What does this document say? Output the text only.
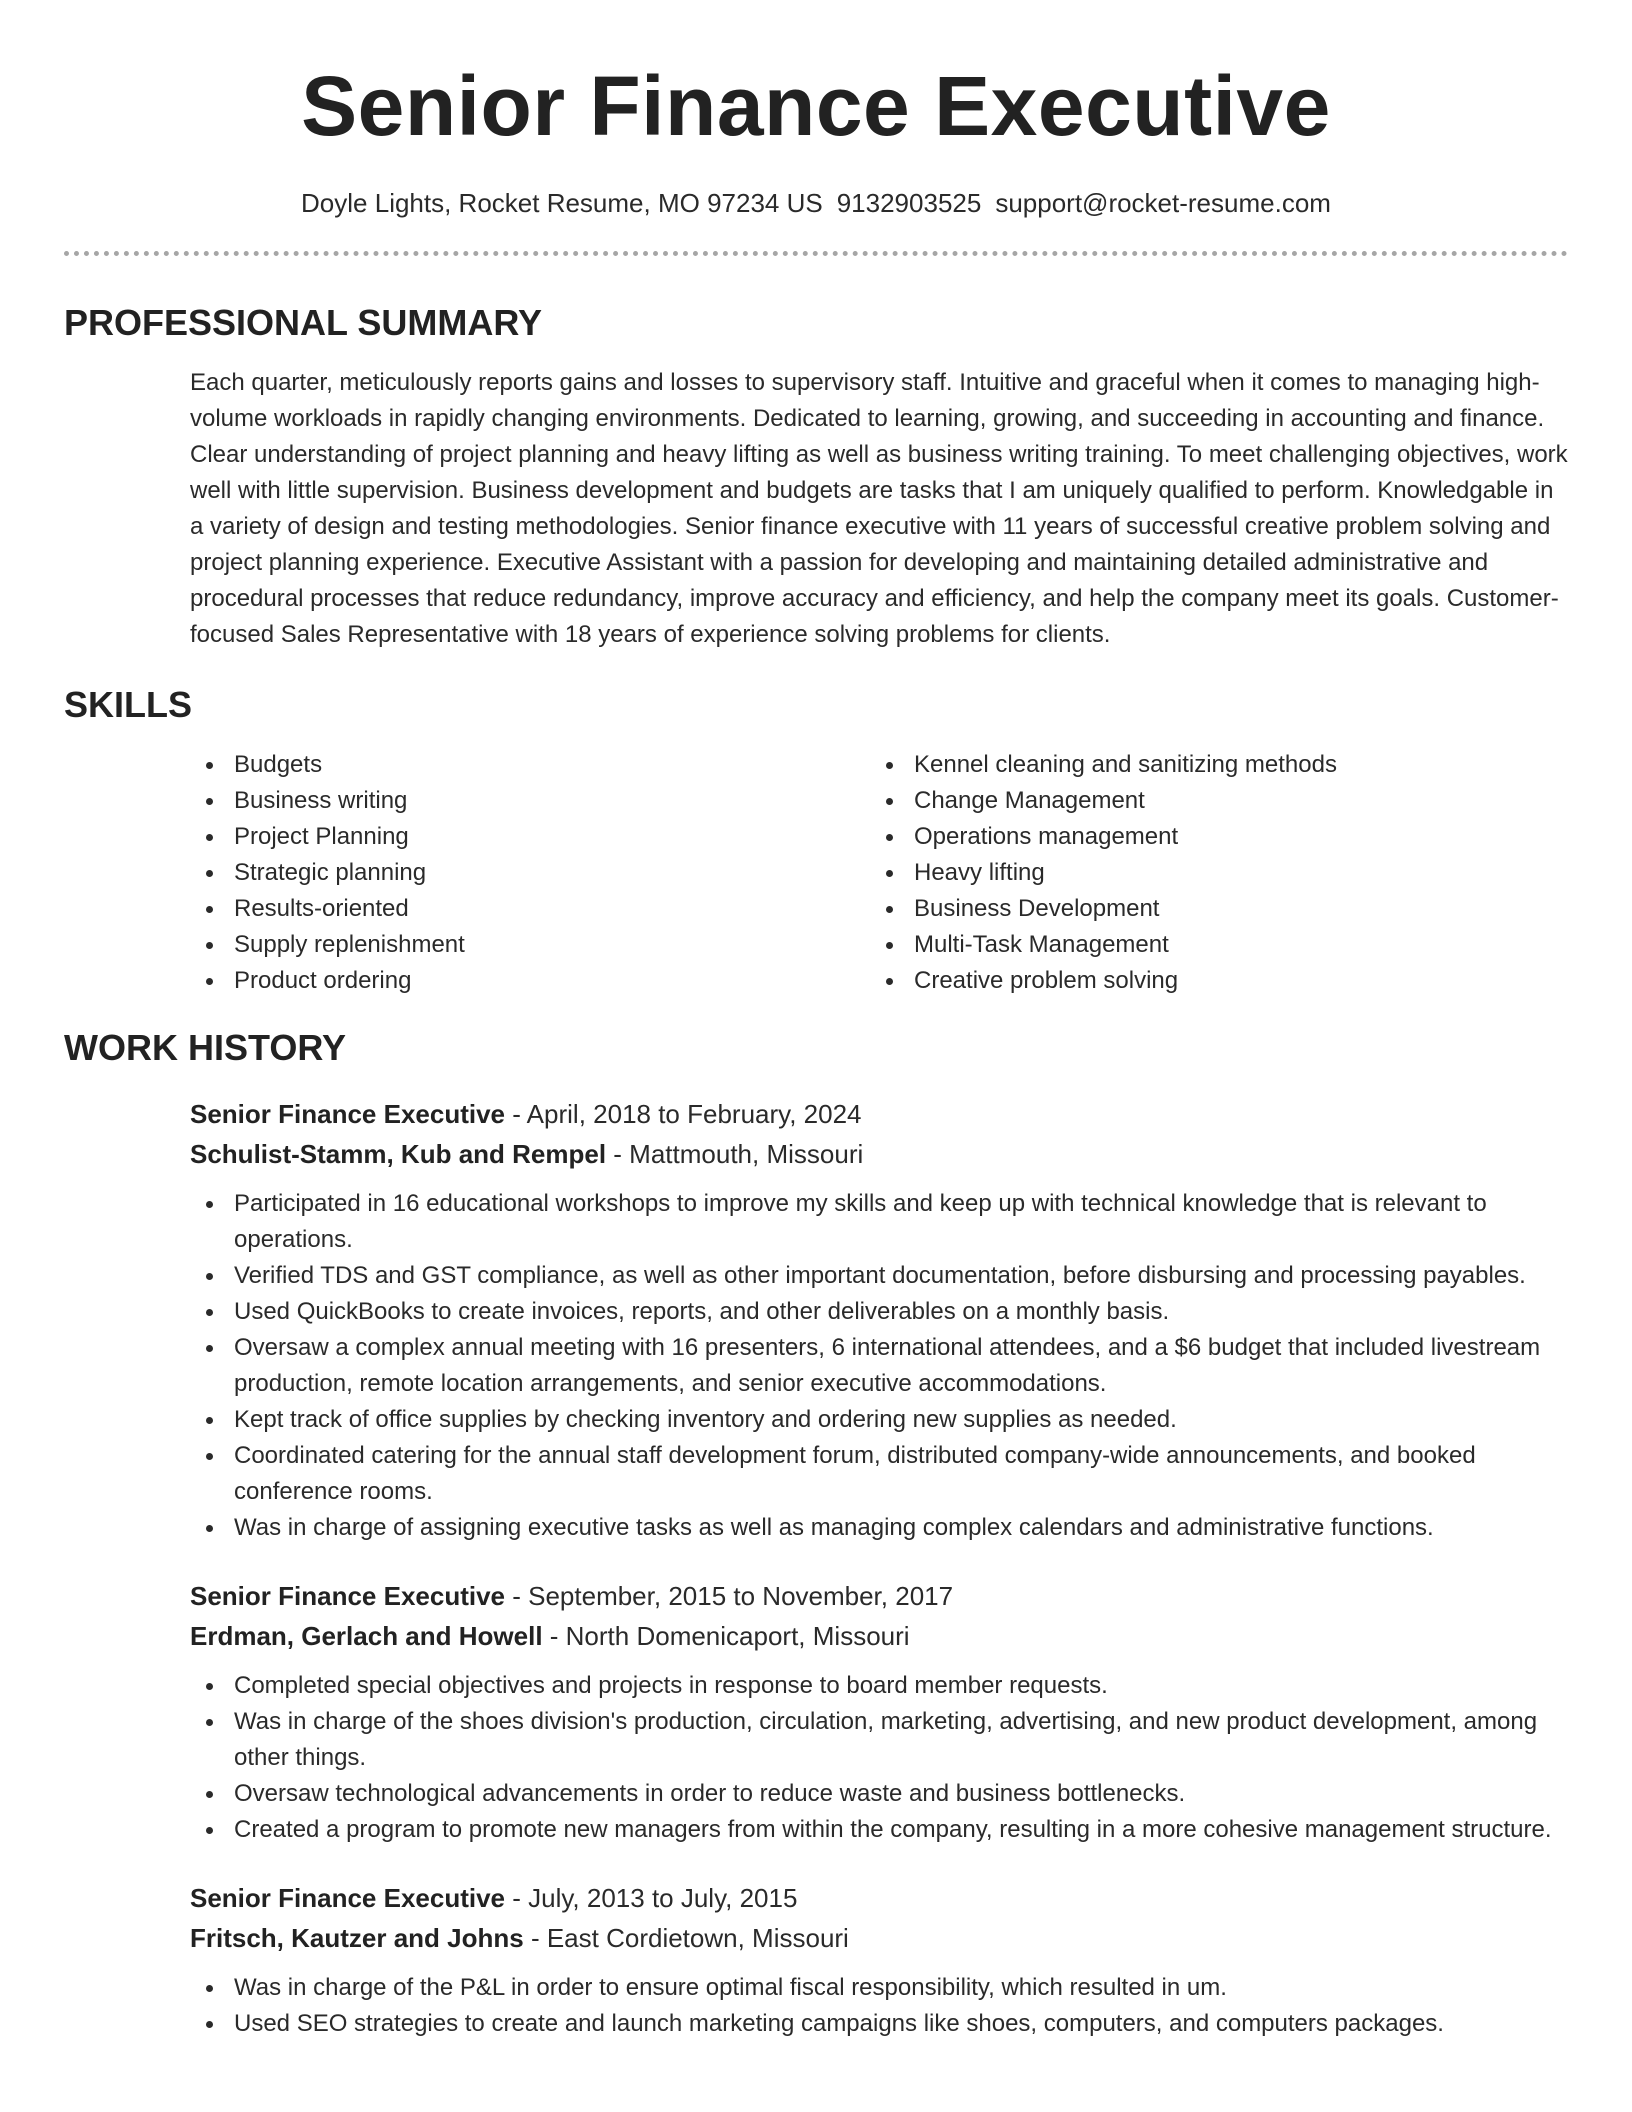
Senior Finance Executive
Doyle Lights, Rocket Resume, MO 97234 US 9132903525 support@rocket-resume.com
PROFESSIONAL SUMMARY

Each quarter, meticulously reports gains and losses to supervisory staff. Intuitive and graceful when it comes to managing high-volume workloads in rapidly changing environments. Dedicated to learning, growing, and succeeding in accounting and finance. Clear understanding of project planning and heavy lifting as well as business writing training. To meet challenging objectives, work well with little supervision. Business development and budgets are tasks that I am uniquely qualified to perform. Knowledgable in a variety of design and testing methodologies. Senior finance executive with 11 years of successful creative problem solving and project planning experience. Executive Assistant with a passion for developing and maintaining detailed administrative and procedural processes that reduce redundancy, improve accuracy and efficiency, and help the company meet its goals. Customer-focused Sales Representative with 18 years of experience solving problems for clients.

SKILLS
Budgets
Business writing
Project Planning
Strategic planning
Results-oriented
Supply replenishment
Product ordering
Kennel cleaning and sanitizing methods
Change Management
Operations management
Heavy lifting
Business Development
Multi-Task Management
Creative problem solving
WORK HISTORY
Senior Finance Executive - April, 2018 to February, 2024
Schulist-Stamm, Kub and Rempel - Mattmouth, Missouri
Participated in 16 educational workshops to improve my skills and keep up with technical knowledge that is relevant to operations.
Verified TDS and GST compliance, as well as other important documentation, before disbursing and processing payables.
Used QuickBooks to create invoices, reports, and other deliverables on a monthly basis.
Oversaw a complex annual meeting with 16 presenters, 6 international attendees, and a $6 budget that included livestream production, remote location arrangements, and senior executive accommodations.
Kept track of office supplies by checking inventory and ordering new supplies as needed.
Coordinated catering for the annual staff development forum, distributed company-wide announcements, and booked conference rooms.
Was in charge of assigning executive tasks as well as managing complex calendars and administrative functions.
Senior Finance Executive - September, 2015 to November, 2017
Erdman, Gerlach and Howell - North Domenicaport, Missouri
Completed special objectives and projects in response to board member requests.
Was in charge of the shoes division's production, circulation, marketing, advertising, and new product development, among other things.
Oversaw technological advancements in order to reduce waste and business bottlenecks.
Created a program to promote new managers from within the company, resulting in a more cohesive management structure.
Senior Finance Executive - July, 2013 to July, 2015
Fritsch, Kautzer and Johns - East Cordietown, Missouri
Was in charge of the P&L in order to ensure optimal fiscal responsibility, which resulted in um.
Used SEO strategies to create and launch marketing campaigns like shoes, computers, and computers packages.
